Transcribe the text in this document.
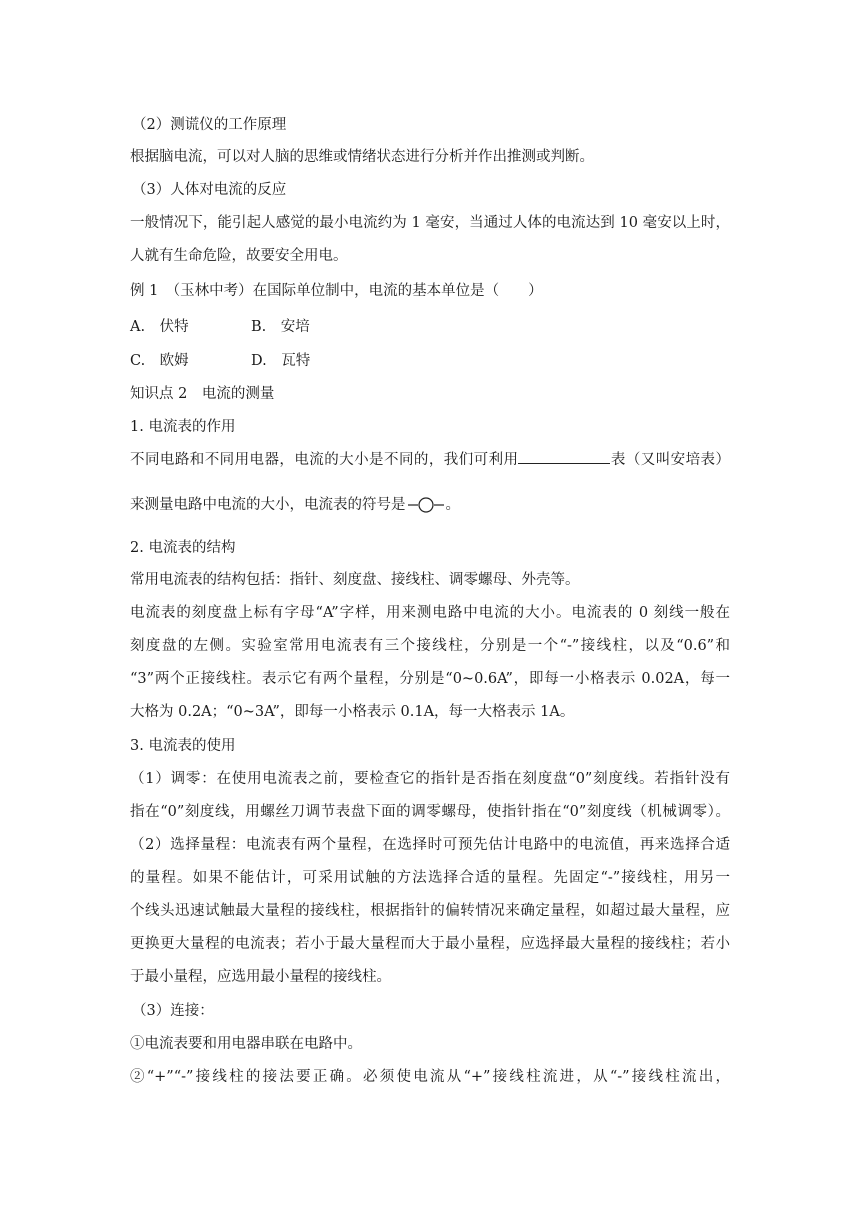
（2）测谎仪的工作原理
根据脑电流，可以对人脑的思维或情绪状态进行分析并作出推测或判断。
（3）人体对电流的反应
一般情况下，能引起人感觉的最小电流约为 1 毫安，当通过人体的电流达到 10 毫安以上时，
人就有生命危险，故要安全用电。
例 1　（玉林中考）在国际单位制中，电流的基本单位是（　　）
A.　伏特	B.　安培
C.　欧姆	D.　瓦特
知识点 2　电流的测量
1. 电流表的作用
不同电路和不同用电器，电流的大小是不同的，我们可利用	表（又叫安培表）
来测量电路中电流的大小，电流表的符号是	。
2. 电流表的结构
常用电流表的结构包括：指针、刻度盘、接线柱、调零螺母、外壳等。
电流表的刻度盘上标有字母“A”字样，用来测电路中电流的大小。电流表的 0 刻线一般在
刻度盘的左侧。实验室常用电流表有三个接线柱，分别是一个“-”接线柱，以及“0.6”和
“3”两个正接线柱。表示它有两个量程，分别是“0~0.6A”，即每一小格表示 0.02A，每一
大格为 0.2A；“0~3A”，即每一小格表示 0.1A，每一大格表示 1A。
3. 电流表的使用
（1）调零：在使用电流表之前，要检查它的指针是否指在刻度盘“0”刻度线。若指针没有
指在“0”刻度线，用螺丝刀调节表盘下面的调零螺母，使指针指在“0”刻度线（机械调零）。
（2）选择量程：电流表有两个量程，在选择时可预先估计电路中的电流值，再来选择合适
的量程。如果不能估计，可采用试触的方法选择合适的量程。先固定“-”接线柱，用另一
个线头迅速试触最大量程的接线柱，根据指针的偏转情况来确定量程，如超过最大量程，应
更换更大量程的电流表；若小于最大量程而大于最小量程，应选择最大量程的接线柱；若小
于最小量程，应选用最小量程的接线柱。
（3）连接：
①电流表要和用电器串联在电路中。
②“+”“-”接线柱的接法要正确。必须使电流从“+”接线柱流进，从“-”接线柱流出，
